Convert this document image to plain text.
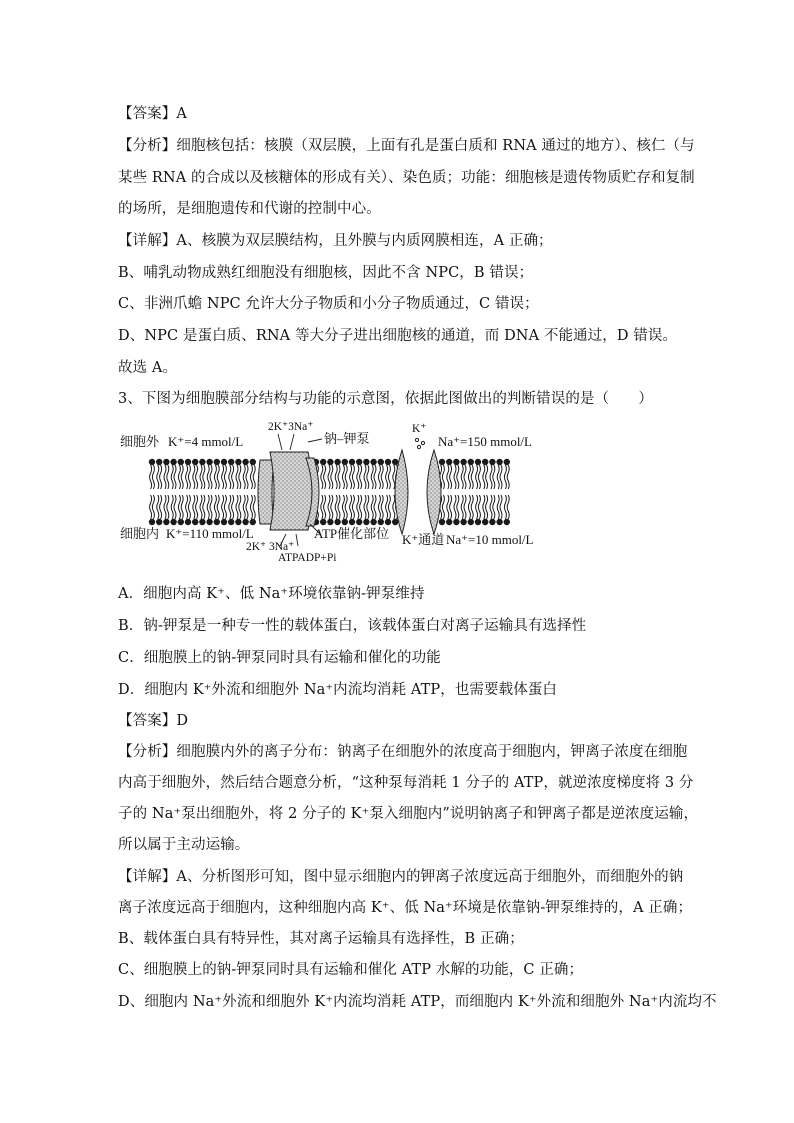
【答案】A
【分析】细胞核包括：核膜（双层膜，上面有孔是蛋白质和 RNA 通过的地方）、核仁（与
某些 RNA 的合成以及核糖体的形成有关）、染色质；功能：细胞核是遗传物质贮存和复制
的场所，是细胞遗传和代谢的控制中心。
【详解】A、核膜为双层膜结构，且外膜与内质网膜相连，A 正确；
B、哺乳动物成熟红细胞没有细胞核，因此不含 NPC，B 错误；
C、非洲爪蟾 NPC 允许大分子物质和小分子物质通过，C 错误；
D、NPC 是蛋白质、RNA 等大分子进出细胞核的通道，而 DNA 不能通过，D 错误。
故选 A。
3、下图为细胞膜部分结构与功能的示意图，依据此图做出的判断错误的是（　　）
细胞外 K⁺=4 mmol/L	Na⁺=150 mmol/L
2K⁺3Na⁺
钠–钾泵
K⁺
细胞内 K⁺=110 mmol/L	ATP催化部位
2K⁺ 3Na⁺
ATPADP+Pi
K⁺通道 Na⁺=10 mmol/L
A．细胞内高 K⁺、低 Na⁺环境依靠钠-钾泵维持
B．钠-钾泵是一种专一性的载体蛋白，该载体蛋白对离子运输具有选择性
C．细胞膜上的钠-钾泵同时具有运输和催化的功能
D．细胞内 K⁺外流和细胞外 Na⁺内流均消耗 ATP，也需要载体蛋白
【答案】D
【分析】细胞膜内外的离子分布：钠离子在细胞外的浓度高于细胞内，钾离子浓度在细胞
内高于细胞外，然后结合题意分析，“这种泵每消耗 1 分子的 ATP，就逆浓度梯度将 3 分
子的 Na⁺泵出细胞外，将 2 分子的 K⁺泵入细胞内”说明钠离子和钾离子都是逆浓度运输，
所以属于主动运输。
【详解】A、分析图形可知，图中显示细胞内的钾离子浓度远高于细胞外，而细胞外的钠
离子浓度远高于细胞内，这种细胞内高 K⁺、低 Na⁺环境是依靠钠-钾泵维持的，A 正确；
B、载体蛋白具有特异性，其对离子运输具有选择性，B 正确；
C、细胞膜上的钠-钾泵同时具有运输和催化 ATP 水解的功能，C 正确；
D、细胞内 Na⁺外流和细胞外 K⁺内流均消耗 ATP，而细胞内 K⁺外流和细胞外 Na⁺内流均不
